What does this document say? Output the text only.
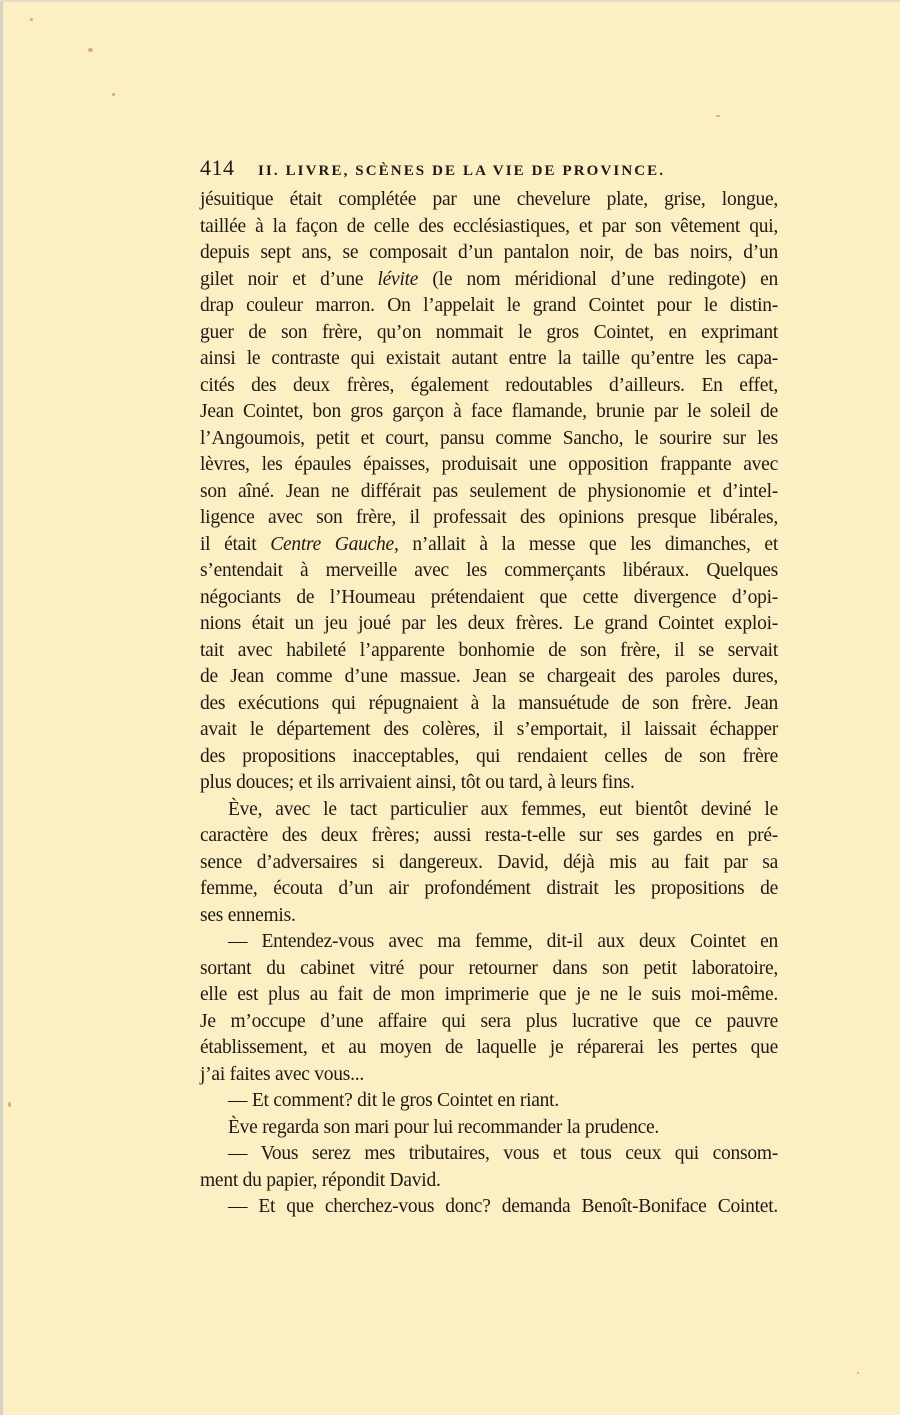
414	II. LIVRE, SCÈNES DE LA VIE DE PROVINCE.
jésuitique était complétée par une chevelure plate, grise, longue,
taillée à la façon de celle des ecclésiastiques, et par son vêtement qui,
depuis sept ans, se composait d’un pantalon noir, de bas noirs, d’un
gilet noir et d’une lévite (le nom méridional d’une redingote) en
drap couleur marron. On l’appelait le grand Cointet pour le distin-
guer de son frère, qu’on nommait le gros Cointet, en exprimant
ainsi le contraste qui existait autant entre la taille qu’entre les capa-
cités des deux frères, également redoutables d’ailleurs. En effet,
Jean Cointet, bon gros garçon à face flamande, brunie par le soleil de
l’Angoumois, petit et court, pansu comme Sancho, le sourire sur les
lèvres, les épaules épaisses, produisait une opposition frappante avec
son aîné. Jean ne différait pas seulement de physionomie et d’intel-
ligence avec son frère, il professait des opinions presque libérales,
il était Centre Gauche, n’allait à la messe que les dimanches, et
s’entendait à merveille avec les commerçants libéraux. Quelques
négociants de l’Houmeau prétendaient que cette divergence d’opi-
nions était un jeu joué par les deux frères. Le grand Cointet exploi-
tait avec habileté l’apparente bonhomie de son frère, il se servait
de Jean comme d’une massue. Jean se chargeait des paroles dures,
des exécutions qui répugnaient à la mansuétude de son frère. Jean
avait le département des colères, il s’emportait, il laissait échapper
des propositions inacceptables, qui rendaient celles de son frère
plus douces; et ils arrivaient ainsi, tôt ou tard, à leurs fins.
Ève, avec le tact particulier aux femmes, eut bientôt deviné le
caractère des deux frères; aussi resta-t-elle sur ses gardes en pré-
sence d’adversaires si dangereux. David, déjà mis au fait par sa
femme, écouta d’un air profondément distrait les propositions de
ses ennemis.
— Entendez-vous avec ma femme, dit-il aux deux Cointet en
sortant du cabinet vitré pour retourner dans son petit laboratoire,
elle est plus au fait de mon imprimerie que je ne le suis moi-même.
Je m’occupe d’une affaire qui sera plus lucrative que ce pauvre
établissement, et au moyen de laquelle je réparerai les pertes que
j’ai faites avec vous...
— Et comment? dit le gros Cointet en riant.
Ève regarda son mari pour lui recommander la prudence.
— Vous serez mes tributaires, vous et tous ceux qui consom-
ment du papier, répondit David.
— Et que cherchez-vous donc? demanda Benoît-Boniface Cointet.
